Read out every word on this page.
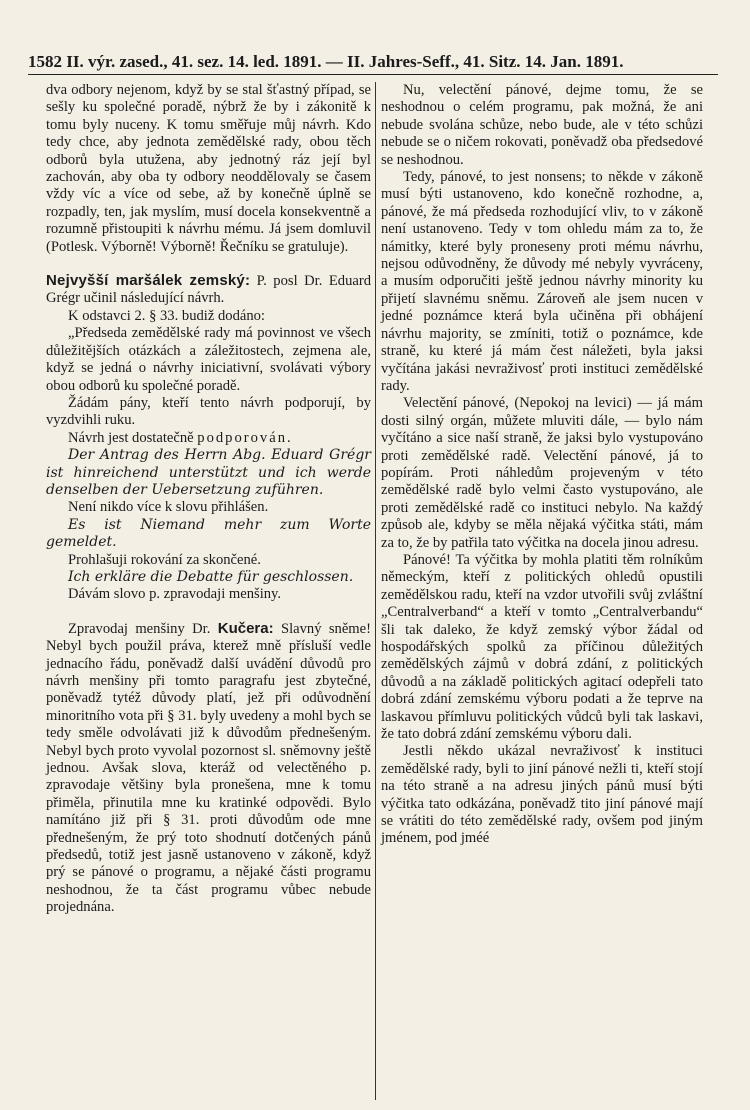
1582 II. výr. zased., 41. sez. 14. led. 1891. — II. Jahres-Seff., 41. Sitz. 14. Jan. 1891.

dva odbory nejenom, když by se stal šťastný případ, se sešly ku společné poradě, nýbrž že by i zákonitě k tomu byly nuceny. K tomu směřuje můj návrh. Kdo tedy chce, aby jednota zemědělské rady, obou těch odborů byla utužena, aby jednotný ráz její byl zachován, aby oba ty odbory neoddělovaly se časem vždy víc a více od sebe, až by konečně úplně se rozpadly, ten, jak myslím, musí docela konsekventně a rozumně přistoupiti k návrhu mému. Já jsem domluvil (Potlesk. Výborně! Výborně! Řečníku se gratuluje).

Nejvyšší maršálek zemský: P. posl Dr. Eduard Grégr učinil následující návrh.

K odstavci 2. § 33. budiž dodáno:

„Předseda zemědělské rady má povinnost ve všech důležitějších otázkách a záležitostech, zejmena ale, když se jedná o návrhy iniciativní, svolávati výbory obou odborů ku společné poradě.

Žádám pány, kteří tento návrh podporují, by vyzdvihli ruku.

Návrh jest dostatečně podporován.

Der Antrag des Herrn Abg. Eduard Grégr ist hinreichend unterstützt und ich werde denselben der Uebersetzung zuführen.

Není nikdo více k slovu přihlášen.

Es ist Niemand mehr zum Worte gemeldet.

Prohlašuji rokování za skončené.

Ich erkläre die Debatte für geschlossen.

Dávám slovo p. zpravodaji menšiny.

Zpravodaj menšiny Dr. Kučera: Slavný sněme! Nebyl bych použil práva, kterež mně přísluší vedle jednacího řádu, poněvadž další uvádění důvodů pro návrh menšiny při tomto paragrafu jest zbytečné, poněvadž tytéž důvody platí, jež při odůvodnění minoritního vota při § 31. byly uvedeny a mohl bych se tedy směle odvolávati již k důvodům přednešeným. Nebyl bych proto vyvolal pozornost sl. sněmovny ještě jednou. Avšak slova, kteráž od velectěného p. zpravodaje většiny byla pronešena, mne k tomu přiměla, přinutila mne ku kratinké odpovědi. Bylo namítáno již při § 31. proti důvodům ode mne přednešeným, že prý toto shodnutí dotčených pánů předsedů, totiž jest jasně ustanoveno v zákoně, když prý se pánové o programu, a nějaké části programu neshodnou, že ta část programu vůbec nebude projednána.

Nu, velectění pánové, dejme tomu, že se neshodnou o celém programu, pak možná, že ani nebude svolána schůze, nebo bude, ale v této schůzi nebude se o ničem rokovati, poněvadž oba předsedové se neshodnou.

Tedy, pánové, to jest nonsens; to někde v zákoně musí býti ustanoveno, kdo konečně rozhodne, a, pánové, že má předseda rozhodující vliv, to v zákoně není ustanoveno. Tedy v tom ohledu mám za to, že námitky, které byly proneseny proti mému návrhu, nejsou odůvodněny, že důvody mé nebyly vyvráceny, a musím odporučiti ještě jednou návrhy minority ku přijetí slavnému sněmu. Zároveň ale jsem nucen v jedné poznámce která byla učiněna při obhájení návrhu majority, se zmíniti, totiž o poznámce, kde straně, ku které já mám čest náležeti, byla jaksi vyčítána jakási nevraživosť proti instituci zemědělské rady.

Velectění pánové, (Nepokoj na levici) — já mám dosti silný orgán, můžete mluviti dále, — bylo nám vyčítáno a sice naší straně, že jaksi bylo vystupováno proti zemědělské radě. Velectění pánové, já to popírám. Proti náhledům projeveným v této zemědělské radě bylo velmi často vystupováno, ale proti zemědělské radě co instituci nebylo. Na každý způsob ale, kdyby se měla nějaká výčitka státi, mám za to, že by patřila tato výčitka na docela jinou adresu.

Pánové! Ta výčitka by mohla platiti těm rolníkům německým, kteří z politických ohledů opustili zemědělskou radu, kteří na vzdor utvořili svůj zvláštní „Centralverband“ a kteří v tomto „Centralverbandu“ šli tak daleko, že když zemský výbor žádal od hospodářských spolků za příčinou důležitých zemědělských zájmů v dobrá zdání, z politických důvodů a na základě politických agitací odepřeli tato dobrá zdání zemskému výboru podati a že teprve na laskavou přímluvu politických vůdců byli tak laskavi, že tato dobrá zdání zemskému výboru dali.

Jestli někdo ukázal nevraživosť k instituci zemědělské rady, byli to jiní pánové nežli ti, kteří stojí na této straně a na adresu jiných pánů musí býti výčitka tato odkázána, poněvadž tito jiní pánové mají se vrátiti do této zemědělské rady, ovšem pod jiným jménem, pod jméé
